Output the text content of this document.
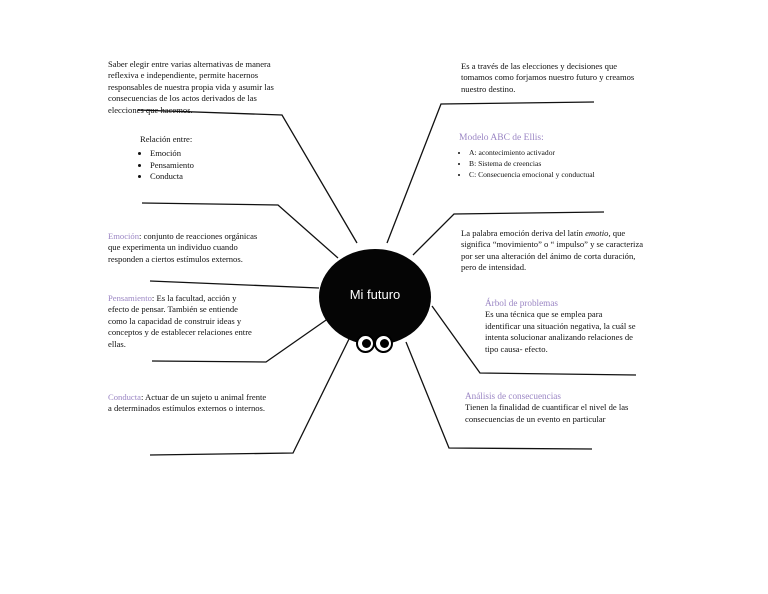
Mi futuro

Saber elegir entre varias alternativas de manera reflexiva e independiente, permite hacernos responsables de nuestra propia vida y asumir las consecuencias de los actos derivados de las elecciones que hacemos.

Relación entre:

• Emoción
• Pensamiento
• Conducta

Emoción: conjunto de reacciones orgánicas que experimenta un individuo cuando responden a ciertos estímulos externos.

Pensamiento: Es la facultad, acción y efecto de pensar. También se entiende como la capacidad de construir ideas y conceptos y de establecer relaciones entre ellas.

Conducta: Actuar de un sujeto u animal frente a determinados estímulos externos o internos.

Es a través de las elecciones y decisiones que tomamos como forjamos nuestro futuro y creamos nuestro destino.

Modelo ABC de Ellis:

• A: acontecimiento activador
• B: Sistema de creencias
• C: Consecuencia emocional y conductual

La palabra emoción deriva del latín emotio, que significa “movimiento” o “ impulso” y se caracteriza por ser una alteración del ánimo de corta duración, pero de intensidad.

Árbol de problemas

Es una técnica que se emplea para identificar una situación negativa, la cuál se intenta solucionar analizando relaciones de tipo causa- efecto.

Análisis de consecuencias

Tienen la finalidad de cuantificar el nivel de las consecuencias de un evento en particular
